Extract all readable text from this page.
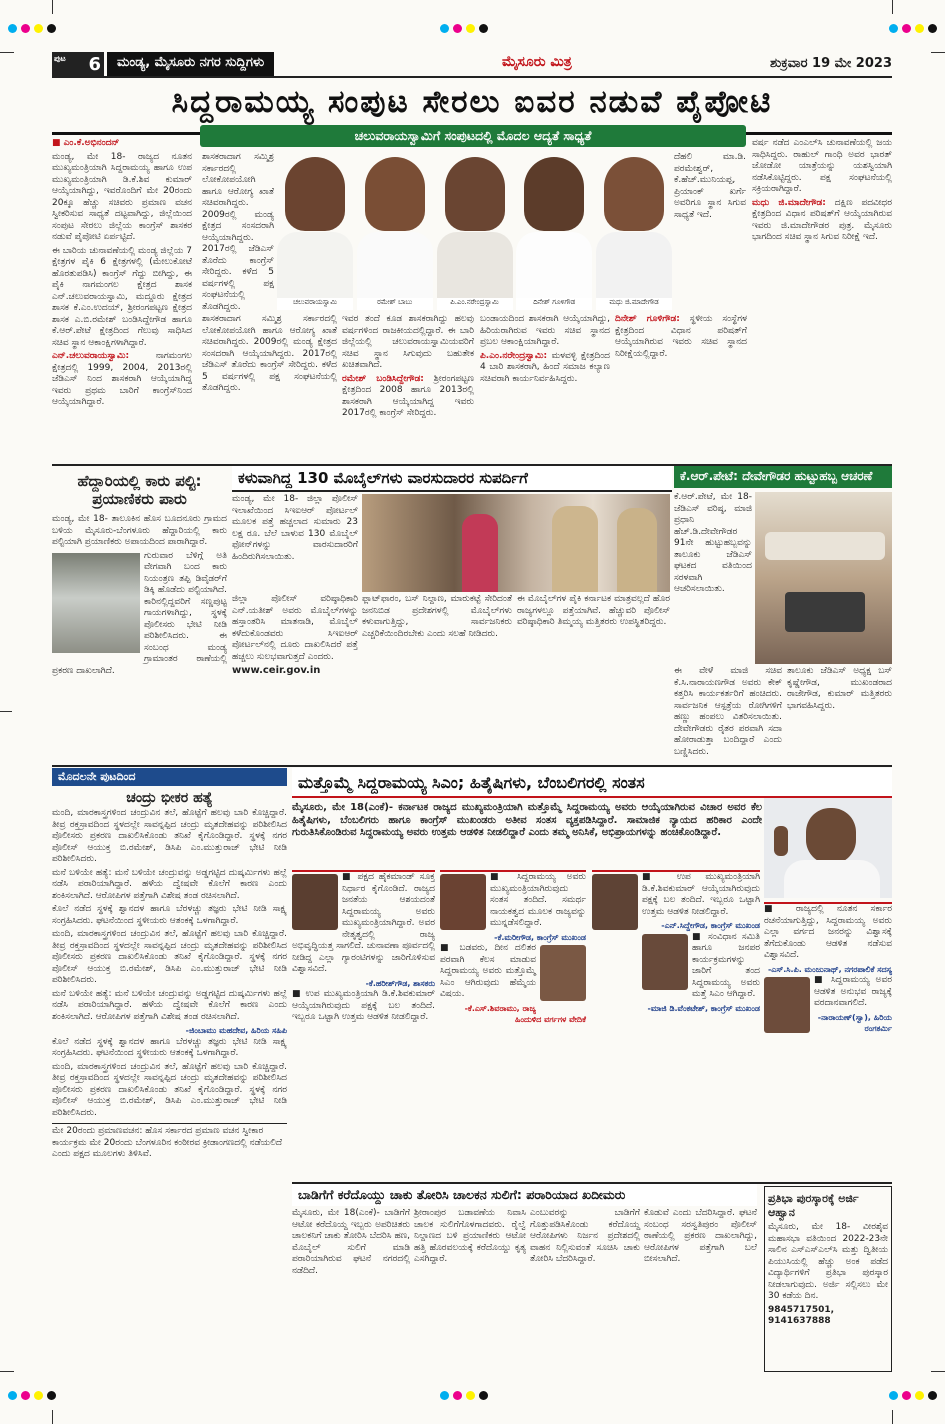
ಪುಟ 6	ಮಂಡ್ಯ, ಮೈಸೂರು ನಗರ ಸುದ್ದಿಗಳು	ಮೈಸೂರು ಮಿತ್ರ	ಶುಕ್ರವಾರ 19 ಮೇ 2023
ಸಿದ್ದರಾಮಯ್ಯ ಸಂಪುಟ ಸೇರಲು ಐವರ ನಡುವೆ ಪೈಪೋಟಿ
ಚಲುವರಾಯಸ್ವಾಮಿಗೆ ಸಂಪುಟದಲ್ಲಿ ಮೊದಲ ಆದ್ಯತೆ ಸಾಧ್ಯತೆ
■ ಎಂ.ಕೆ.ಅಭಿನಂದನ್

ಮಂಡ್ಯ, ಮೇ 18- ರಾಜ್ಯದ ನೂತನ ಮುಖ್ಯಮಂತ್ರಿಯಾಗಿ ಸಿದ್ದರಾಮಯ್ಯ ಹಾಗೂ ಉಪ ಮುಖ್ಯಮಂತ್ರಿಯಾಗಿ ಡಿ.ಕೆ.ಶಿವ ಕುಮಾರ್ ಆಯ್ಕೆಯಾಗಿದ್ದು, ಇವರೊಂದಿಗೆ ಮೇ 20ರಂದು 20ಕ್ಕೂ ಹೆಚ್ಚು ಸಚಿವರು ಪ್ರಮಾಣ ವಚನ ಸ್ವೀಕರಿಸುವ ಸಾಧ್ಯತೆ ದಟ್ಟವಾಗಿದ್ದು, ಜಿಲ್ಲೆಯಿಂದ ಸಂಪುಟ ಸೇರಲು ಜಿಲ್ಲೆಯ ಕಾಂಗ್ರೆಸ್ ಶಾಸಕರ ನಡುವೆ ಪೈಪೋಟಿ ಏರ್ಪಟ್ಟಿದೆ.

ಈ ಬಾರಿಯ ಚುನಾವಣೆಯಲ್ಲಿ ಮಂಡ್ಯ ಜಿಲ್ಲೆಯ 7 ಕ್ಷೇತ್ರಗಳ ಪೈಕಿ 6 ಕ್ಷೇತ್ರಗಳಲ್ಲಿ (ಮೇಲುಕೋಟೆ ಹೊರತುಪಡಿಸಿ) ಕಾಂಗ್ರೆಸ್ ಗೆದ್ದು ಬೀಗಿದ್ದು, ಈ ಪೈಕಿ ನಾಗಮಂಗಲ ಕ್ಷೇತ್ರದ ಶಾಸಕ ಎನ್.ಚಲುವರಾಯಸ್ವಾಮಿ, ಮದ್ದೂರು ಕ್ಷೇತ್ರದ ಶಾಸಕ ಕೆ.ಎಂ.ಉದಯ್, ಶ್ರೀರಂಗಪಟ್ಟಣ ಕ್ಷೇತ್ರದ ಶಾಸಕ ಎ.ಬಿ.ರಮೇಶ್ ಬಂಡಿಸಿದ್ದೇಗೌಡ ಹಾಗೂ ಕೆ.ಆರ್.ಪೇಟೆ ಕ್ಷೇತ್ರದಿಂದ ಗೆಲುವು ಸಾಧಿಸಿದ ಸಚಿವ ಸ್ಥಾನ ಆಕಾಂಕ್ಷಿಗಳಾಗಿದ್ದಾರೆ.

ಎನ್.ಚಲುವರಾಯಸ್ವಾಮಿ:	ನಾಗಮಂಗಲ ಕ್ಷೇತ್ರದಲ್ಲಿ 1999, 2004, 2013ರಲ್ಲಿ ಜೆಡಿಎಸ್ ನಿಂದ ಶಾಸಕರಾಗಿ ಆಯ್ಕೆಯಾಗಿದ್ದ ಇವರು ಪ್ರಥಮ ಬಾರಿಗೆ ಕಾಂಗ್ರೆಸ್‌ನಿಂದ ಆಯ್ಕೆಯಾಗಿದ್ದಾರೆ.

ಚಲುವರಾಯಸ್ವಾಮಿ	ರಮೇಶ್ ಬಾಬು	ಪಿ.ಎಂ.ನರೇಂದ್ರಸ್ವಾಮಿ	ದಿನೇಶ್ ಗೂಳಿಗೌಡ	ಮಧು ಜಿ.ಮಾದೇಗೌಡ

ಶಾಸಕರಾದಾಗ ಸಮ್ಮಿಶ್ರ ಸರ್ಕಾರದಲ್ಲಿ ಲೋಕೋಪಯೋಗಿ ಹಾಗೂ ಆರೋಗ್ಯ ಖಾತೆ ಸಚಿವರಾಗಿದ್ದರು. 2009ರಲ್ಲಿ ಮಂಡ್ಯ ಕ್ಷೇತ್ರದ ಸಂಸದರಾಗಿ ಆಯ್ಕೆಯಾಗಿದ್ದರು. 2017ರಲ್ಲಿ ಜೆಡಿಎಸ್ ತೊರೆದು ಕಾಂಗ್ರೆಸ್ ಸೇರಿದ್ದರು. ಕಳೆದ 5 ವರ್ಷಗಳಲ್ಲಿ ಪಕ್ಷ ಸಂಘಟನೆಯಲ್ಲಿ ತೊಡಗಿದ್ದರು.

ದೆಹಲಿ ಮಾ.ಡಿ. ಪರಮೇಶ್ವರ್, ಕೆ.ಹೆಚ್.ಮುನಿಯಪ್ಪ, ಪ್ರಿಯಾಂಕ್ ಖರ್ಗೆ ಅವರಿಗೂ ಸ್ಥಾನ ಸಿಗುವ ಸಾಧ್ಯತೆ ಇದೆ.

ಶಾಸಕರಾದಾಗ ಸಮ್ಮಿಶ್ರ ಸರ್ಕಾರದಲ್ಲಿ ಲೋಕೋಪಯೋಗಿ ಹಾಗೂ ಆರೋಗ್ಯ ಖಾತೆ ಸಚಿವರಾಗಿದ್ದರು. 2009ರಲ್ಲಿ ಮಂಡ್ಯ ಕ್ಷೇತ್ರದ ಸಂಸದರಾಗಿ ಆಯ್ಕೆಯಾಗಿದ್ದರು. 2017ರಲ್ಲಿ ಜೆಡಿಎಸ್ ತೊರೆದು ಕಾಂಗ್ರೆಸ್ ಸೇರಿದ್ದರು. ಕಳೆದ 5 ವರ್ಷಗಳಲ್ಲಿ ಪಕ್ಷ ಸಂಘಟನೆಯಲ್ಲಿ ತೊಡಗಿದ್ದರು.

ಇವರ ತಂದೆ ಕೂಡ ಶಾಸಕರಾಗಿದ್ದು ಹಲವು ವರ್ಷಗಳಿಂದ ರಾಜಕೀಯದಲ್ಲಿದ್ದಾರೆ. ಈ ಬಾರಿ ಜಿಲ್ಲೆಯಲ್ಲಿ ಚಲುವರಾಯಸ್ವಾಮಿಯವರಿಗೆ ಸಚಿವ ಸ್ಥಾನ ಸಿಗುವುದು ಬಹುತೇಕ ಖಚಿತವಾಗಿದೆ.

ರಮೇಶ್ ಬಂಡಿಸಿದ್ದೇಗೌಡ: ಶ್ರೀರಂಗಪಟ್ಟಣ ಕ್ಷೇತ್ರದಿಂದ 2008 ಹಾಗೂ 2013ರಲ್ಲಿ ಶಾಸಕರಾಗಿ ಆಯ್ಕೆಯಾಗಿದ್ದ ಇವರು 2017ರಲ್ಲಿ ಕಾಂಗ್ರೆಸ್ ಸೇರಿದ್ದರು.

ಬಂಡಾಯದಿಂದ ಶಾಸಕರಾಗಿ ಆಯ್ಕೆಯಾಗಿದ್ದು, ಹಿರಿಯರಾಗಿರುವ ಇವರು ಸಚಿವ ಸ್ಥಾನದ ಪ್ರಬಲ ಆಕಾಂಕ್ಷಿಯಾಗಿದ್ದಾರೆ.

ಪಿ.ಎಂ.ನರೇಂದ್ರಸ್ವಾಮಿ: ಮಳವಳ್ಳಿ ಕ್ಷೇತ್ರದಿಂದ 4 ಬಾರಿ ಶಾಸಕರಾಗಿ, ಹಿಂದೆ ಸಮಾಜ ಕಲ್ಯಾಣ ಸಚಿವರಾಗಿ ಕಾರ್ಯನಿರ್ವಹಿಸಿದ್ದರು.

ದಿನೇಶ್ ಗೂಳಿಗೌಡ: ಸ್ಥಳೀಯ ಸಂಸ್ಥೆಗಳ ಕ್ಷೇತ್ರದಿಂದ ವಿಧಾನ ಪರಿಷತ್‌ಗೆ ಆಯ್ಕೆಯಾಗಿರುವ ಇವರು ಸಚಿವ ಸ್ಥಾನದ ನಿರೀಕ್ಷೆಯಲ್ಲಿದ್ದಾರೆ.

ವರ್ಷ ನಡೆದ ಎಂಎಲ್‌ಸಿ ಚುನಾವಣೆಯಲ್ಲಿ ಜಯ ಸಾಧಿಸಿದ್ದರು. ರಾಹುಲ್ ಗಾಂಧಿ ಅವರ ಭಾರತ್ ಜೋಡೋ ಯಾತ್ರೆಯನ್ನು ಯಶಸ್ವಿಯಾಗಿ ನಡೆಸಿಕೊಟ್ಟಿದ್ದರು. ಪಕ್ಷ ಸಂಘಟನೆಯಲ್ಲಿ ಸಕ್ರಿಯರಾಗಿದ್ದಾರೆ.

ಮಧು ಜಿ.ಮಾದೇಗೌಡ: ದಕ್ಷಿಣ ಪದವೀಧರ ಕ್ಷೇತ್ರದಿಂದ ವಿಧಾನ ಪರಿಷತ್‌ಗೆ ಆಯ್ಕೆಯಾಗಿರುವ ಇವರು ಜಿ.ಮಾದೇಗೌಡರ ಪುತ್ರ. ಮೈಸೂರು ಭಾಗದಿಂದ ಸಚಿವ ಸ್ಥಾನ ಸಿಗುವ ನಿರೀಕ್ಷೆ ಇದೆ.

ಹೆದ್ದಾರಿಯಲ್ಲಿ ಕಾರು ಪಲ್ಟಿ: ಪ್ರಯಾಣಿಕರು ಪಾರು

ಮಂಡ್ಯ, ಮೇ 18- ತಾಲೂಕಿನ ಹೊಸ ಬೂದನೂರು ಗ್ರಾಮದ ಬಳಿಯ ಮೈಸೂರು-ಬೆಂಗಳೂರು ಹೆದ್ದಾರಿಯಲ್ಲಿ ಕಾರು ಪಲ್ಟಿಯಾಗಿ ಪ್ರಯಾಣಿಕರು ಅಪಾಯದಿಂದ ಪಾರಾಗಿದ್ದಾರೆ.

ಗುರುವಾರ ಬೆಳಿಗ್ಗೆ ಅತಿ ವೇಗವಾಗಿ ಬಂದ ಕಾರು ನಿಯಂತ್ರಣ ತಪ್ಪಿ ಡಿವೈಡರ್‌ಗೆ ಡಿಕ್ಕಿ ಹೊಡೆದು ಪಲ್ಟಿಯಾಗಿದೆ. ಕಾರಿನಲ್ಲಿದ್ದವರಿಗೆ ಸಣ್ಣಪುಟ್ಟ ಗಾಯಗಳಾಗಿದ್ದು, ಸ್ಥಳಕ್ಕೆ ಪೊಲೀಸರು ಭೇಟಿ ನೀಡಿ ಪರಿಶೀಲಿಸಿದರು. ಈ ಸಂಬಂಧ ಮಂಡ್ಯ ಗ್ರಾಮಾಂತರ ಠಾಣೆಯಲ್ಲಿ ಪ್ರಕರಣ ದಾಖಲಾಗಿದೆ.

ಕಳುವಾಗಿದ್ದ 130 ಮೊಬೈಲ್‌ಗಳು ವಾರಸುದಾರರ ಸುಪರ್ದಿಗೆ

ಮಂಡ್ಯ, ಮೇ 18- ಜಿಲ್ಲಾ ಪೊಲೀಸ್ ಇಲಾಖೆಯಿಂದ ಸಿಇಐಆರ್ ಪೋರ್ಟಲ್ ಮೂಲಕ ಪತ್ತೆ ಹಚ್ಚಲಾದ ಸುಮಾರು 23 ಲಕ್ಷ ರೂ. ಬೆಲೆ ಬಾಳುವ 130 ಮೊಬೈಲ್ ಫೋನ್‌ಗಳನ್ನು ವಾರಸುದಾರರಿಗೆ ಹಿಂದಿರುಗಿಸಲಾಯಿತು.

ಜಿಲ್ಲಾ ಪೊಲೀಸ್ ವರಿಷ್ಠಾಧಿಕಾರಿ ಎನ್.ಯತೀಶ್ ಅವರು ಮೊಬೈಲ್‌ಗಳನ್ನು ಹಸ್ತಾಂತರಿಸಿ ಮಾತನಾಡಿ, ಮೊಬೈಲ್ ಕಳೆದುಕೊಂಡವರು ಸಿಇಐಆರ್ ಪೋರ್ಟಲ್‌ನಲ್ಲಿ ದೂರು ದಾಖಲಿಸಿದರೆ ಪತ್ತೆ ಹಚ್ಚಲು ಸುಲಭವಾಗುತ್ತದೆ ಎಂದರು.

www.ceir.gov.in

ಫ್ಲಾಟ್‌ಫಾರಂ, ಬಸ್ ನಿಲ್ದಾಣ, ಮಾರುಕಟ್ಟೆ ಸೇರಿದಂತೆ ಜನನಿಬಿಡ ಪ್ರದೇಶಗಳಲ್ಲಿ ಮೊಬೈಲ್‌ಗಳು ಕಳುವಾಗುತ್ತಿದ್ದು, ಸಾರ್ವಜನಿಕರು ಎಚ್ಚರಿಕೆಯಿಂದಿರಬೇಕು ಎಂದು ಸಲಹೆ ನೀಡಿದರು.

ಈ ಮೊಬೈಲ್‌ಗಳ ಪೈಕಿ ಕರ್ನಾಟಕ ಮಾತ್ರವಲ್ಲದೆ ಹೊರ ರಾಜ್ಯಗಳಲ್ಲೂ ಪತ್ತೆಯಾಗಿವೆ. ಹೆಚ್ಚುವರಿ ಪೊಲೀಸ್ ವರಿಷ್ಠಾಧಿಕಾರಿ ತಿಮ್ಮಯ್ಯ ಮತ್ತಿತರರು ಉಪಸ್ಥಿತರಿದ್ದರು.

ಕೆ.ಆರ್.ಪೇಟೆ: ದೇವೇಗೌಡರ ಹುಟ್ಟುಹಬ್ಬ ಆಚರಣೆ

ಕೆ.ಆರ್.ಪೇಟೆ, ಮೇ 18- ಜೆಡಿಎಸ್ ವರಿಷ್ಠ, ಮಾಜಿ ಪ್ರಧಾನಿ ಹೆಚ್.ಡಿ.ದೇವೇಗೌಡರ 91ನೇ ಹುಟ್ಟುಹಬ್ಬವನ್ನು ತಾಲೂಕು ಜೆಡಿಎಸ್ ಘಟಕದ ವತಿಯಿಂದ ಸರಳವಾಗಿ ಆಚರಿಸಲಾಯಿತು.

ಈ ವೇಳೆ ಮಾಜಿ ಸಚಿವ ಕೆ.ಸಿ.ನಾರಾಯಣಗೌಡ ಅವರು ಕೇಕ್ ಕತ್ತರಿಸಿ ಕಾರ್ಯಕರ್ತರಿಗೆ ಹಂಚಿದರು. ಸಾರ್ವಜನಿಕ ಆಸ್ಪತ್ರೆಯ ರೋಗಿಗಳಿಗೆ ಹಣ್ಣು ಹಂಪಲು ವಿತರಿಸಲಾಯಿತು. ದೇವೇಗೌಡರು ರೈತರ ಪರವಾಗಿ ಸದಾ ಹೋರಾಡುತ್ತಾ ಬಂದಿದ್ದಾರೆ ಎಂದು ಬಣ್ಣಿಸಿದರು.

ತಾಲೂಕು ಜೆಡಿಎಸ್ ಅಧ್ಯಕ್ಷ ಬಸ್ ಕೃಷ್ಣೇಗೌಡ, ಮುಖಂಡರಾದ ರಾಜೇಗೌಡ, ಕುಮಾರ್ ಮತ್ತಿತರರು ಭಾಗವಹಿಸಿದ್ದರು.

ಮೊದಲನೇ ಪುಟದಿಂದ
ಚಂದ್ರು ಭೀಕರ ಹತ್ಯೆ

ಮಂದಿ, ಮಾರಕಾಸ್ತ್ರಗಳಿಂದ ಚಂದ್ರುವಿನ ತಲೆ, ಹೊಟ್ಟೆಗೆ ಹಲವು ಬಾರಿ ಕೊಚ್ಚಿದ್ದಾರೆ. ತೀವ್ರ ರಕ್ತಸ್ರಾವದಿಂದ ಸ್ಥಳದಲ್ಲೇ ಸಾವನ್ನಪ್ಪಿದ ಚಂದ್ರು ಮೃತದೇಹವನ್ನು ಪರಿಶೀಲಿಸಿದ ಪೊಲೀಸರು ಪ್ರಕರಣ ದಾಖಲಿಸಿಕೊಂಡು ತನಿಖೆ ಕೈಗೊಂಡಿದ್ದಾರೆ. ಸ್ಥಳಕ್ಕೆ ನಗರ ಪೊಲೀಸ್ ಆಯುಕ್ತ ಬಿ.ರಮೇಶ್, ಡಿಸಿಪಿ ಎಂ.ಮುತ್ತುರಾಜ್ ಭೇಟಿ ನೀಡಿ ಪರಿಶೀಲಿಸಿದರು.

ಮನೆ ಬಳಿಯೇ ಹತ್ಯೆ: ಮನೆ ಬಳಿಯೇ ಚಂದ್ರುವನ್ನು ಅಡ್ಡಗಟ್ಟಿದ ದುಷ್ಕರ್ಮಿಗಳು ಹಲ್ಲೆ ನಡೆಸಿ ಪರಾರಿಯಾಗಿದ್ದಾರೆ. ಹಳೆಯ ದ್ವೇಷವೇ ಕೊಲೆಗೆ ಕಾರಣ ಎಂದು ಶಂಕಿಸಲಾಗಿದೆ. ಆರೋಪಿಗಳ ಪತ್ತೆಗಾಗಿ ವಿಶೇಷ ತಂಡ ರಚಿಸಲಾಗಿದೆ.

ಕೊಲೆ ನಡೆದ ಸ್ಥಳಕ್ಕೆ ಶ್ವಾನದಳ ಹಾಗೂ ಬೆರಳಚ್ಚು ತಜ್ಞರು ಭೇಟಿ ನೀಡಿ ಸಾಕ್ಷ್ಯ ಸಂಗ್ರಹಿಸಿದರು. ಘಟನೆಯಿಂದ ಸ್ಥಳೀಯರು ಆತಂಕಕ್ಕೆ ಒಳಗಾಗಿದ್ದಾರೆ.

ಮಂದಿ, ಮಾರಕಾಸ್ತ್ರಗಳಿಂದ ಚಂದ್ರುವಿನ ತಲೆ, ಹೊಟ್ಟೆಗೆ ಹಲವು ಬಾರಿ ಕೊಚ್ಚಿದ್ದಾರೆ. ತೀವ್ರ ರಕ್ತಸ್ರಾವದಿಂದ ಸ್ಥಳದಲ್ಲೇ ಸಾವನ್ನಪ್ಪಿದ ಚಂದ್ರು ಮೃತದೇಹವನ್ನು ಪರಿಶೀಲಿಸಿದ ಪೊಲೀಸರು ಪ್ರಕರಣ ದಾಖಲಿಸಿಕೊಂಡು ತನಿಖೆ ಕೈಗೊಂಡಿದ್ದಾರೆ. ಸ್ಥಳಕ್ಕೆ ನಗರ ಪೊಲೀಸ್ ಆಯುಕ್ತ ಬಿ.ರಮೇಶ್, ಡಿಸಿಪಿ ಎಂ.ಮುತ್ತುರಾಜ್ ಭೇಟಿ ನೀಡಿ ಪರಿಶೀಲಿಸಿದರು.

ಮನೆ ಬಳಿಯೇ ಹತ್ಯೆ: ಮನೆ ಬಳಿಯೇ ಚಂದ್ರುವನ್ನು ಅಡ್ಡಗಟ್ಟಿದ ದುಷ್ಕರ್ಮಿಗಳು ಹಲ್ಲೆ ನಡೆಸಿ ಪರಾರಿಯಾಗಿದ್ದಾರೆ. ಹಳೆಯ ದ್ವೇಷವೇ ಕೊಲೆಗೆ ಕಾರಣ ಎಂದು ಶಂಕಿಸಲಾಗಿದೆ. ಆರೋಪಿಗಳ ಪತ್ತೆಗಾಗಿ ವಿಶೇಷ ತಂಡ ರಚಿಸಲಾಗಿದೆ.

-ಜಿಂಬಾಮು ಮಹದೇವ, ಹಿರಿಯ ಸಹಿಪಿ

ಕೊಲೆ ನಡೆದ ಸ್ಥಳಕ್ಕೆ ಶ್ವಾನದಳ ಹಾಗೂ ಬೆರಳಚ್ಚು ತಜ್ಞರು ಭೇಟಿ ನೀಡಿ ಸಾಕ್ಷ್ಯ ಸಂಗ್ರಹಿಸಿದರು. ಘಟನೆಯಿಂದ ಸ್ಥಳೀಯರು ಆತಂಕಕ್ಕೆ ಒಳಗಾಗಿದ್ದಾರೆ.

ಮಂದಿ, ಮಾರಕಾಸ್ತ್ರಗಳಿಂದ ಚಂದ್ರುವಿನ ತಲೆ, ಹೊಟ್ಟೆಗೆ ಹಲವು ಬಾರಿ ಕೊಚ್ಚಿದ್ದಾರೆ. ತೀವ್ರ ರಕ್ತಸ್ರಾವದಿಂದ ಸ್ಥಳದಲ್ಲೇ ಸಾವನ್ನಪ್ಪಿದ ಚಂದ್ರು ಮೃತದೇಹವನ್ನು ಪರಿಶೀಲಿಸಿದ ಪೊಲೀಸರು ಪ್ರಕರಣ ದಾಖಲಿಸಿಕೊಂಡು ತನಿಖೆ ಕೈಗೊಂಡಿದ್ದಾರೆ. ಸ್ಥಳಕ್ಕೆ ನಗರ ಪೊಲೀಸ್ ಆಯುಕ್ತ ಬಿ.ರಮೇಶ್, ಡಿಸಿಪಿ ಎಂ.ಮುತ್ತುರಾಜ್ ಭೇಟಿ ನೀಡಿ ಪರಿಶೀಲಿಸಿದರು.

ಮೇ 20ರಂದು ಪ್ರಮಾಣವಚನ: ಹೊಸ ಸರ್ಕಾರದ ಪ್ರಮಾಣ ವಚನ ಸ್ವೀಕಾರ ಕಾರ್ಯಕ್ರಮ ಮೇ 20ರಂದು ಬೆಂಗಳೂರಿನ ಕಂಠೀರವ ಕ್ರೀಡಾಂಗಣದಲ್ಲಿ ನಡೆಯಲಿದೆ ಎಂದು ಪಕ್ಷದ ಮೂಲಗಳು ತಿಳಿಸಿವೆ.
ಮತ್ತೊಮ್ಮೆ ಸಿದ್ದರಾಮಯ್ಯ ಸಿಎಂ; ಹಿತೈಷಿಗಳು, ಬೆಂಬಲಿಗರಲ್ಲಿ ಸಂತಸ

ಮೈಸೂರು, ಮೇ 18(ಎಂಕೆ)- ಕರ್ನಾಟಕ ರಾಜ್ಯದ ಮುಖ್ಯಮಂತ್ರಿಯಾಗಿ ಮತ್ತೊಮ್ಮೆ ಸಿದ್ದರಾಮಯ್ಯ ಅವರು ಆಯ್ಕೆಯಾಗಿರುವ ವಿಚಾರ ಅವರ ಕೆಲ ಹಿತೈಷಿಗಳು, ಬೆಂಬಲಿಗರು ಹಾಗೂ ಕಾಂಗ್ರೆಸ್ ಮುಖಂಡರು ಅತೀವ ಸಂತಸ ವ್ಯಕ್ತಪಡಿಸಿದ್ದಾರೆ. ಸಾಮಾಜಿಕ ನ್ಯಾಯದ ಹರಿಕಾರ ಎಂದೇ ಗುರುತಿಸಿಕೊಂಡಿರುವ ಸಿದ್ದರಾಮಯ್ಯ ಅವರು ಉತ್ತಮ ಆಡಳಿತ ನೀಡಲಿದ್ದಾರೆ ಎಂದು ತಮ್ಮ ಅನಿಸಿಕೆ, ಅಭಿಪ್ರಾಯಗಳನ್ನು ಹಂಚಿಕೊಂಡಿದ್ದಾರೆ.

■ ಪಕ್ಷದ ಹೈಕಮಾಂಡ್ ಸೂಕ್ತ ನಿರ್ಧಾರ ಕೈಗೊಂಡಿದೆ. ರಾಜ್ಯದ ಜನತೆಯ ಆಶಯದಂತೆ ಸಿದ್ದರಾಮಯ್ಯ ಅವರು ಮುಖ್ಯಮಂತ್ರಿಯಾಗಿದ್ದಾರೆ. ಅವರ ನೇತೃತ್ವದಲ್ಲಿ ರಾಜ್ಯ ಅಭಿವೃದ್ಧಿಯತ್ತ ಸಾಗಲಿದೆ. ಚುನಾವಣಾ ಪೂರ್ವದಲ್ಲಿ ನೀಡಿದ್ದ ಎಲ್ಲಾ ಗ್ಯಾರಂಟಿಗಳನ್ನು ಜಾರಿಗೊಳಿಸುವ ವಿಶ್ವಾಸವಿದೆ.

-ಕೆ.ಹರೀಶ್‌ಗೌಡ, ಶಾಸಕರು

■ ಉಪ ಮುಖ್ಯಮಂತ್ರಿಯಾಗಿ ಡಿ.ಕೆ.ಶಿವಕುಮಾರ್ ಆಯ್ಕೆಯಾಗಿರುವುದು ಪಕ್ಷಕ್ಕೆ ಬಲ ತಂದಿದೆ. ಇಬ್ಬರೂ ಒಟ್ಟಾಗಿ ಉತ್ತಮ ಆಡಳಿತ ನೀಡಲಿದ್ದಾರೆ.

■ ಸಿದ್ದರಾಮಯ್ಯ ಅವರು ಮುಖ್ಯಮಂತ್ರಿಯಾಗಿರುವುದು ಸಂತಸ ತಂದಿದೆ. ಸಮರ್ಥ ನಾಯಕತ್ವದ ಮೂಲಕ ರಾಜ್ಯವನ್ನು ಮುನ್ನಡೆಸಲಿದ್ದಾರೆ.

-ಕೆ.ಮರೀಗೌಡ, ಕಾಂಗ್ರೆಸ್ ಮುಖಂಡ

■ ಬಡವರು, ದೀನ ದಲಿತರ ಪರವಾಗಿ ಕೆಲಸ ಮಾಡುವ ಸಿದ್ದರಾಮಯ್ಯ ಅವರು ಮತ್ತೊಮ್ಮೆ ಸಿಎಂ ಆಗಿರುವುದು ಹೆಮ್ಮೆಯ ವಿಷಯ.

-ಕೆ.ಎಸ್.ಶಿವರಾಮು, ರಾಜ್ಯ ಹಿಂದುಳಿದ ವರ್ಗಗಳ ವೇದಿಕೆ

■ ಉಪ ಮುಖ್ಯಮಂತ್ರಿಯಾಗಿ ಡಿ.ಕೆ.ಶಿವಕುಮಾರ್ ಆಯ್ಕೆಯಾಗಿರುವುದು ಪಕ್ಷಕ್ಕೆ ಬಲ ತಂದಿದೆ. ಇಬ್ಬರೂ ಒಟ್ಟಾಗಿ ಉತ್ತಮ ಆಡಳಿತ ನೀಡಲಿದ್ದಾರೆ.

-ಎನ್.ಸಿದ್ದೇಗೌಡ, ಕಾಂಗ್ರೆಸ್ ಮುಖಂಡ

■ ಸಂವಿಧಾನ ಸಮಿತಿ ಹಾಗೂ ಜನಪರ ಕಾರ್ಯಕ್ರಮಗಳನ್ನು ಜಾರಿಗೆ ತಂದ ಸಿದ್ದರಾಮಯ್ಯ ಅವರು ಮತ್ತೆ ಸಿಎಂ ಆಗಿದ್ದಾರೆ.

-ಮಾಜಿ ಡಿ.ವೆಂಕಟೇಶ್, ಕಾಂಗ್ರೆಸ್ ಮುಖಂಡ

■ ರಾಜ್ಯದಲ್ಲಿ ನೂತನ ಸರ್ಕಾರ ರಚನೆಯಾಗುತ್ತಿದ್ದು, ಸಿದ್ದರಾಮಯ್ಯ ಅವರು ಎಲ್ಲಾ ವರ್ಗದ ಜನರನ್ನು ವಿಶ್ವಾಸಕ್ಕೆ ತೆಗೆದುಕೊಂಡು ಆಡಳಿತ ನಡೆಸುವ ವಿಶ್ವಾಸವಿದೆ.

-ಎಸ್.ಸಿ.ಪಿ. ಮಂಜುನಾಥ್, ನಗರಪಾಲಿಕೆ ಸದಸ್ಯ

■ ಸಿದ್ದರಾಮಯ್ಯ ಅವರ ಆಡಳಿತ ಅನುಭವ ರಾಜ್ಯಕ್ಕೆ ವರದಾನವಾಗಲಿದೆ.

-ನಾರಾಯಣ್(ಸ್ವಾ), ಹಿರಿಯ ರಂಗಕರ್ಮಿ
ಬಾಡಿಗೆಗೆ ಕರೆದೊಯ್ದು ಚಾಕು ತೋರಿಸಿ ಚಾಲಕನ ಸುಲಿಗೆ: ಪರಾರಿಯಾದ ಖದೀಮರು

ಮೈಸೂರು, ಮೇ 18(ಎಂಕೆ)- ಬಾಡಿಗೆಗೆ ಆಟೋ ಕರೆದೊಯ್ದ ಇಬ್ಬರು ಅಪರಿಚಿತರು ಚಾಲಕನಿಗೆ ಚಾಕು ತೋರಿಸಿ ಬೆದರಿಸಿ ಹಣ, ಮೊಬೈಲ್ ಸುಲಿಗೆ ಮಾಡಿ ಪರಾರಿಯಾಗಿರುವ ಘಟನೆ ನಗರದಲ್ಲಿ ನಡೆದಿದೆ.

ಶ್ರೀರಾಂಪುರ ಬಡಾವಣೆಯ ನಿವಾಸಿ ಚಾಲಕ ಸುಲಿಗೆಗೊಳಗಾದವರು. ರೈಲ್ವೆ ನಿಲ್ದಾಣದ ಬಳಿ ಪ್ರಯಾಣಿಕರು ಆಟೋ ಹತ್ತಿ ಹೊರವಲಯಕ್ಕೆ ಕರೆದೊಯ್ದು ಕೃತ್ಯ ಎಸಗಿದ್ದಾರೆ.

ಎಂಬುವರನ್ನು ಬಾಡಿಗೆಗೆ ಗೊತ್ತುಪಡಿಸಿಕೊಂಡು ಕರೆದೊಯ್ದ ಆರೋಪಿಗಳು ನಿರ್ಜನ ಪ್ರದೇಶದಲ್ಲಿ ವಾಹನ ನಿಲ್ಲಿಸುವಂತೆ ಸೂಚಿಸಿ ಚಾಕು ತೋರಿಸಿ ಬೆದರಿಸಿದ್ದಾರೆ.

ಕೊಡುವೆ ಎಂದು ಬೆದರಿಸಿದ್ದಾರೆ. ಘಟನೆ ಸಂಬಂಧ ಸರಸ್ವತಿಪುರಂ ಪೊಲೀಸ್ ಠಾಣೆಯಲ್ಲಿ ಪ್ರಕರಣ ದಾಖಲಾಗಿದ್ದು, ಆರೋಪಿಗಳ ಪತ್ತೆಗಾಗಿ ಬಲೆ ಬೀಸಲಾಗಿದೆ.

ಪ್ರತಿಭಾ ಪುರಸ್ಕಾರಕ್ಕೆ ಅರ್ಜಿ ಆಹ್ವಾನ

ಮೈಸೂರು, ಮೇ 18- ವೀರಶೈವ ಮಹಾಸಭಾ ವತಿಯಿಂದ 2022-23ನೇ ಸಾಲಿನ ಎಸ್‌ಎಸ್‌ಎಲ್‌ಸಿ ಮತ್ತು ದ್ವಿತೀಯ ಪಿಯುಸಿಯಲ್ಲಿ ಹೆಚ್ಚು ಅಂಕ ಪಡೆದ ವಿದ್ಯಾರ್ಥಿಗಳಿಗೆ ಪ್ರತಿಭಾ ಪುರಸ್ಕಾರ ನೀಡಲಾಗುವುದು. ಅರ್ಜಿ ಸಲ್ಲಿಸಲು ಮೇ 30 ಕಡೆಯ ದಿನ.

9845717501, 9141637888
